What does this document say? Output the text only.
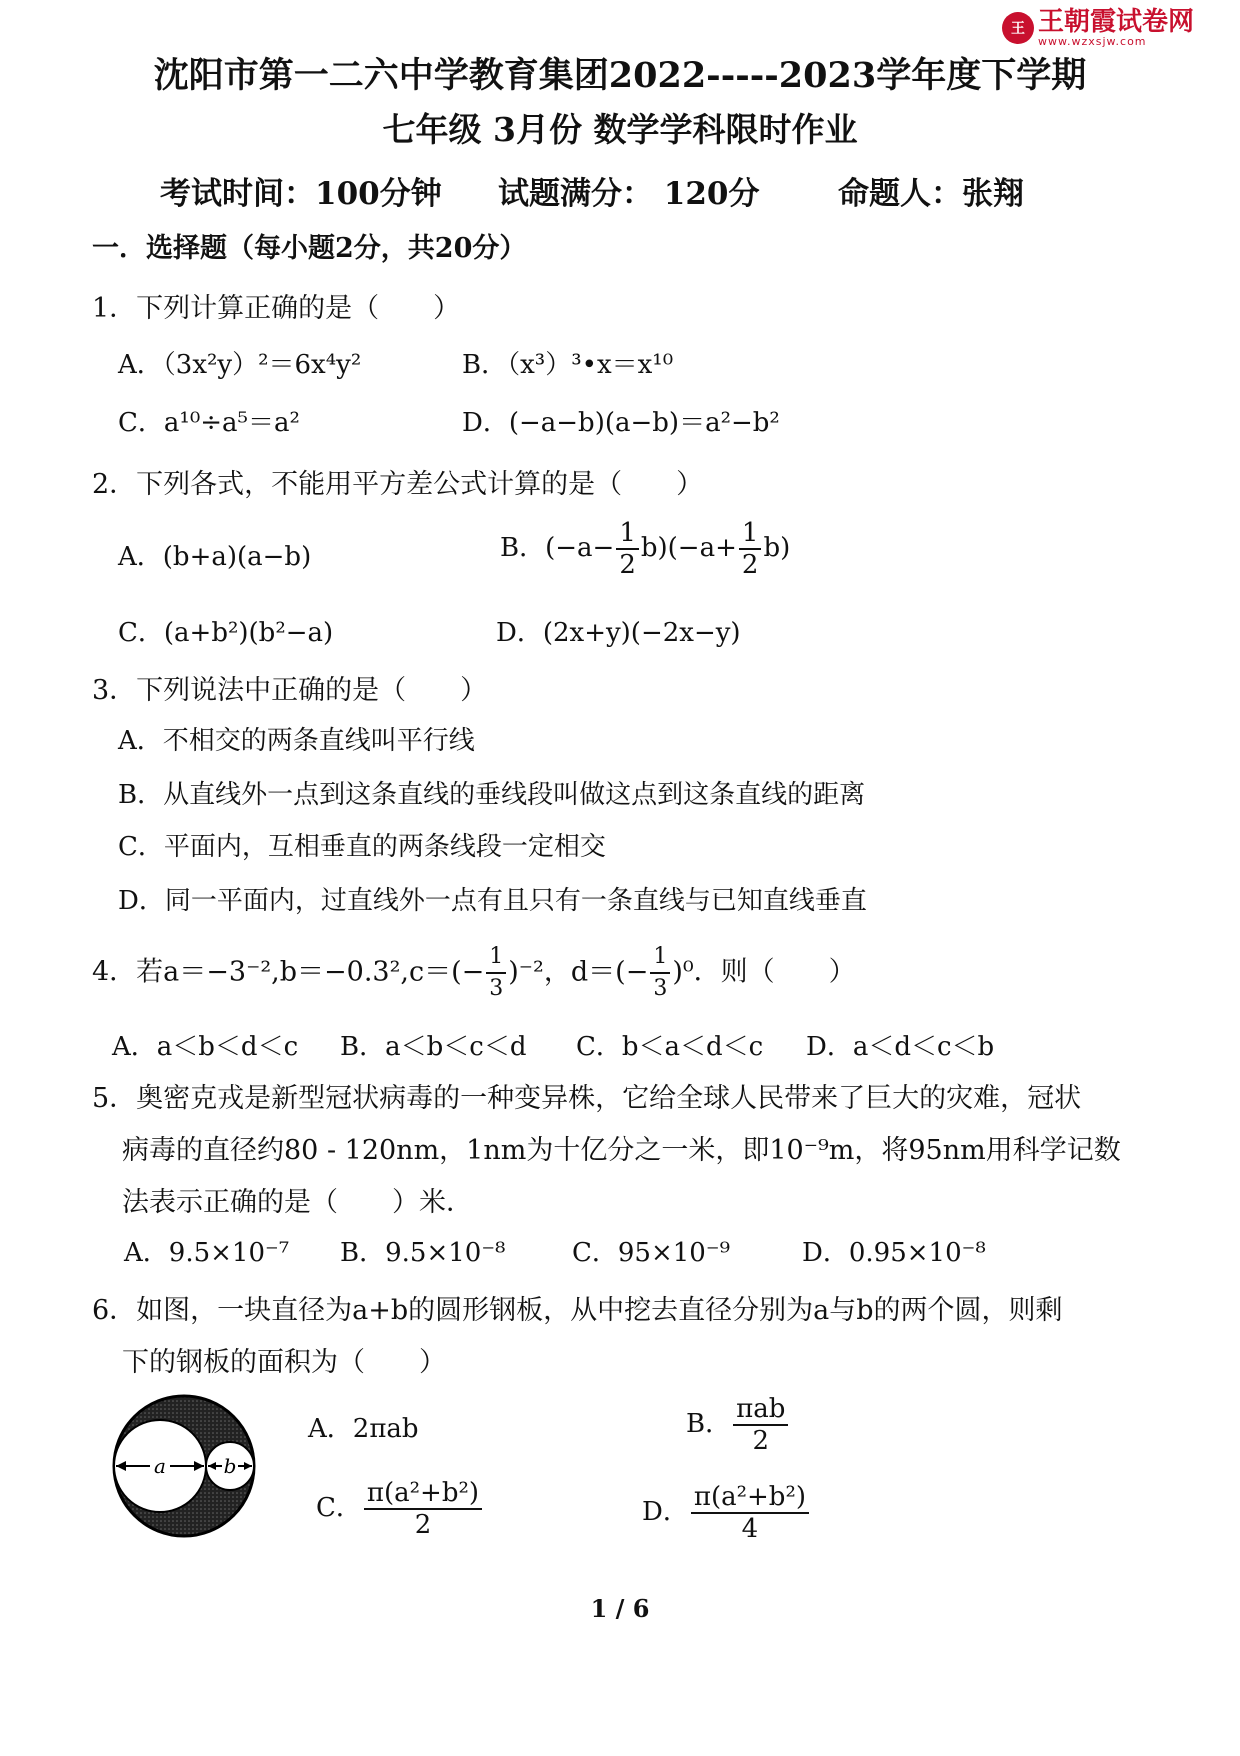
王 王朝霞试卷网
www.wzxsjw.com
沈阳市第一二六中学教育集团2022-----2023学年度下学期
七年级 3月份 数学学科限时作业
考试时间：100分钟 试题满分： 120分	命题人：张翔
一．选择题（每小题2分，共20分）
1．下列计算正确的是（　　）
A．（3x²y）²＝6x⁴y²	B．（x³）³•x＝x¹⁰
C．a¹⁰÷a⁵＝a²	D．(−a−b)(a−b)＝a²−b²
2．下列各式，不能用平方差公式计算的是（　　）
A．(b+a)(a−b)	B．$(-a- \frac{1}{2} b)(-a+ \frac{1}{2} b)$
C．(a+b²)(b²−a)	D．(2x+y)(−2x−y)
3．下列说法中正确的是（　　）
A．不相交的两条直线叫平行线
B．从直线外一点到这条直线的垂线段叫做这点到这条直线的距离
C．平面内，互相垂直的两条线段一定相交
D．同一平面内，过直线外一点有且只有一条直线与已知直线垂直
4．若$a=-3^{-2},b=-0.3^2,c=(- \frac{1}{3} )^{-2}$，$d=(- \frac{1}{3} )^0$．则（　　）
A．a＜b＜d＜c B．a＜b＜c＜d C．b＜a＜d＜c D．a＜d＜c＜b
5．奥密克戎是新型冠状病毒的一种变异株，它给全球人民带来了巨大的灾难，冠状
病毒的直径约80 - 120nm，1nm为十亿分之一米，即10⁻⁹m，将95nm用科学记数
法表示正确的是（　　）米．
A．9.5×10⁻⁷ B．9.5×10⁻⁸	C．95×10⁻⁹	D．0.95×10⁻⁸
6．如图，一块直径为a+b的圆形钢板，从中挖去直径分别为a与b的两个圆，则剩
下的钢板的面积为（　　）
a	b
A．2πab	B． $\frac{\text{πab}}{2}$
C． $\frac{\text{π(a²+b²)}}{2}$	D． $\frac{\text{π(a²+b²)}}{4}$
1 / 6
